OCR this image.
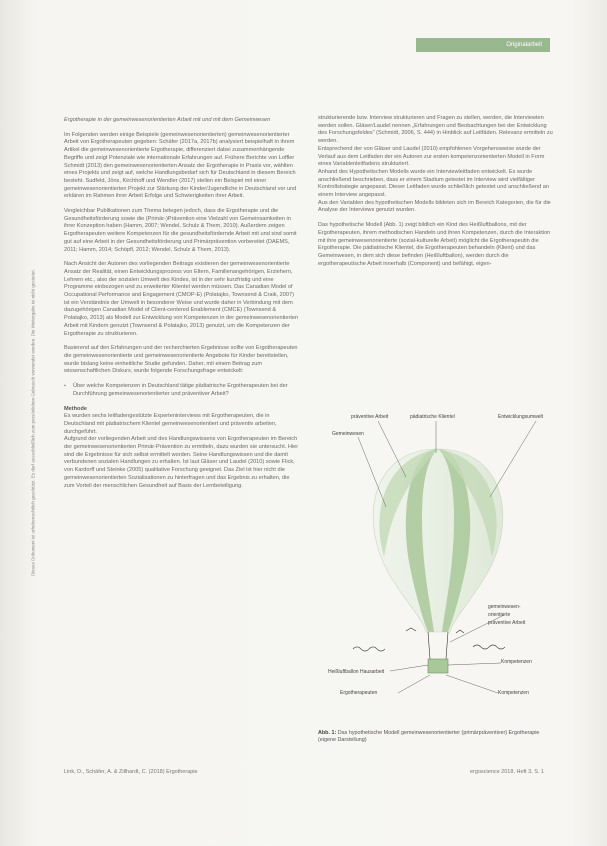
Originalarbeit
Dieses Dokument ist urheberrechtlich geschützt. Es darf ausschließlich zum persönlichen Gebrauch verwendet werden. Die Weitergabe ist nicht gestattet.

Ergotherapie in der gemeinwesenorientierten Arbeit mit und mit dem Gemeinwesen

Im Folgenden werden einige Beispiele (gemeinwesenorientierten) gemeinwesenorientierter Arbeit von Ergotherapeuten gegeben: Schäfer (2017a, 2017b) analysiert beispielhaft in ihrem Artikel die gemeinwesenorientierte Ergotherapie, differenziert dabei zusammenhängende Begriffe und zeigt Potenziale wie internationale Erfahrungen auf. Frühere Berichte von Loffler Schmidt (2013) den gemeinwesenorientierten Ansatz der Ergotherapie in Praxis vor, wählten eines Projekts und zeigt auf, welche Handlungsbedarf sich für Deutschland in diesem Bereich besteht. Sudfeld, Jöns, Kirchhoff und Wendler (2017) stellen ein Beispiel mit einer gemeinwesenorientierten Projekt zur Stärkung der Kinder/Jugendliche in Deutschland vor und erklären im Rahmen ihrer Arbeit Erfolge und Schwierigkeiten ihrer Arbeit.

Vergleichbar Publikationen zum Thema belegen jedoch, dass die Ergotherapie und die Gesundheitsförderung sowie die (Primär-)Prävention eine Vielzahl von Gemeinsamkeiten in ihrer Konzeption haben (Hamm, 2007; Wendel, Schulz & Them, 2010). Außerdem zeigen Ergotherapeuten weitere Kompetenzen für die gesundheitsfördernde Arbeit mit und sind somit gut auf eine Arbeit in der Gesundheitsförderung und Primärprävention vorbereitet (DAEMS, 2011; Hamm, 2014; Schöpfl, 2012; Wendel, Schulz & Them, 2013).

Nach Ansicht der Autoren des vorliegenden Beitrags existieren der gemeinwesenorientierte Ansatz der Realität, einen Entwicklungsprozess von Eltern, Familienangehörigen, Erziehern, Lehrern etc., also der sozialen Umwelt des Kindes, ist in der sehr kurzfristig und eine Programme einbezogen und zu erweiterter Klientel werden müssen. Das Canadian Model of Occupational Performance and Engagement (CMOP-E) (Polatajko, Townsend & Craik, 2007) ist ein Verständnis der Umwelt in besonderer Weise und wurde daher in Verbindung mit dem dazugehörigen Canadian Model of Client-centered Enablement (CMCE) (Townsend & Polatajko, 2013) als Modell zur Entwicklung von Kompetenzen in der gemeinwesenorientierten Arbeit mit Kindern genutzt (Townsend & Polatajko, 2013) genutzt, um die Kompetenzen der Ergotherapie zu strukturieren.

Basierend auf den Erfahrungen und der recherchierten Ergebnisse sollte von Ergotherapeuten die gemeinwesenorientierte und gemeinwesenorientierte Angebote für Kinder bereitstellen, wurde bislang keine einheitliche Studie gefunden. Daher, mit einem Beitrag zum wissenschaftlichen Diskurs, wurde folgende Forschungsfrage entwickelt:

▪ Über welche Kompetenzen in Deutschland tätige pädiatrische Ergotherapeuten bei der Durchführung gemeinwesenorientierter und präventiver Arbeit?

Methode

Es wurden sechs leitfadengestützte Experteninterviews mit Ergotherapeuten, die in Deutschland mit pädiatrischem Klientel gemeinwesenorientiert und präventiv arbeiten, durchgeführt.

Aufgrund der vorliegenden Arbeit und des Handlungswissens von Ergotherapeuten im Bereich der gemeinwesenorientierten Primär-Prävention zu ermitteln, dazu wurden sie untersucht. Hier sind die Ergebnisse für sich selbst ermittelt worden. Seine Handlungswissen und die damit verbundenen sozialen Handlungen zu erhalten. Ist laut Gläser und Laudel (2010) sowie Flick, von Kardorff und Steinke (2005) qualitative Forschung geeignet. Das Ziel ist hier nicht die gemeinwesenorientierten Sozialisationen zu hinterfragen und das Ergebnis zu erhalten, die zum Vorteil der menschlichen Gesundheit auf Basis der Lernbeteiligung.

strukturierende bzw. Interview strukturieren und Fragen zu stellen, werden, die Interviewten werden sollen. Gläser/Laudel nennen „Erfahrungen und Beobachtungen bei der Entwicklung des Forschungsfeldes“ (Schmidt, 2006, S. 444) in Hinblick auf Leitfäden. Relevanz ermitteln zu werden.

Entsprechend der von Gläser und Laudel (2010) empfohlenen Vorgehensweise wurde der Verlauf aus dem Leitfaden der ein Autoren zur ersten kompetenzorientierten Modell in Form eines Variablenleitfadens strukturiert.

Anhand des Hypothetischen Modells wurde ein Interviewleitfaden entwickelt. Es wurde anschließend beschrieben, dass er einem Stadium getestet im Interview wird vielfältiger Kontrollstrategie angepasst. Dieser Leitfaden wurde schließlich getestet und anschließend an einem Interview angepasst.

Aus den Variablen des hypothetischen Modells bildeten sich im Bereich Kategorien, die für die Analyse der Interviews genutzt wurden.

Das hypothetische Modell (Abb. 1) zeigt bildlich ein Kind des Heißluftballons, mit der Ergotherapeuten, ihrem methodischen Handeln und ihren Kompetenzen, durch die Interaktion mit ihre gemeinwesenorientierte (sozial-kulturelle Arbeit) möglicht die Ergotherapeutin die Ergotherapie. Die pädiatrische Klientel, die Ergotherapeuten behandeln (Klient) und das Gemeinwesen, in dem sich diese befinden (Heißluftballon), werden durch die ergotherapeutische Arbeit innerhalb (Component) und befähigt, eigen-

präventive Arbeit	pädiatrische Klientel	Entwicklungsumwelt
Gemeinwesen
gemeinwesen-
orientierte
präventive Arbeit
Heißluftballon Hausarbeit
Kompetenzen
Ergotherapeuten	Kompetenzen
Abb. 1: Das hypothetische Modell gemeinwesenorientierter (primärpräventiver) Ergotherapie (eigene Darstellung)
Link, D., Schäfer, A. & Zillhardt, C. (2018) Ergotherapie	ergoscience 2018, Heft 3, S. 1
